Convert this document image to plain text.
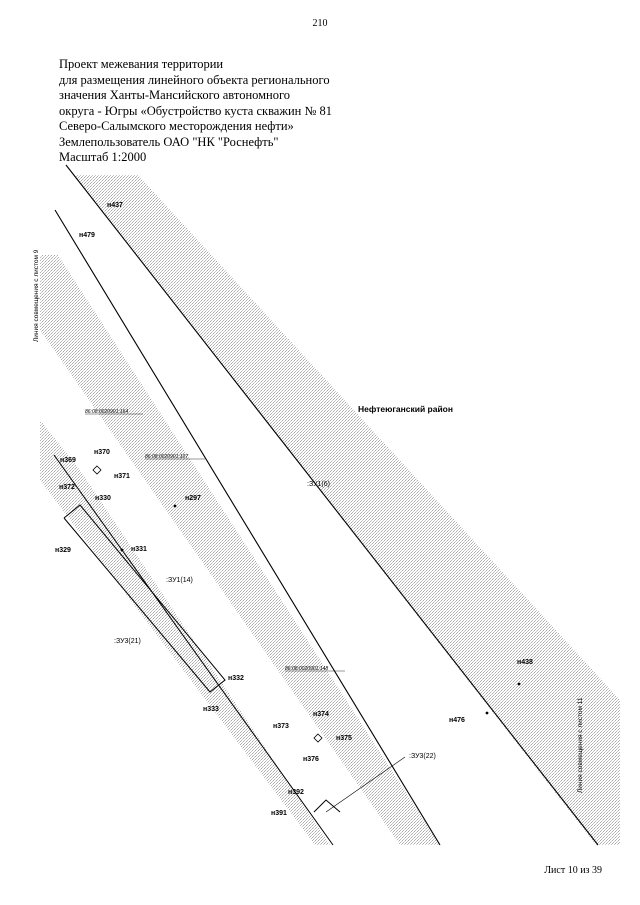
210
Проект межевания территории
для размещения линейного объекта регионального
значения Ханты-Мансийского автономного
округа - Югры «Обустройство куста скважин № 81
Северо-Салымского месторождения нефти»
Землепользователь ОАО "НК "Роснефть"
Масштаб 1:2000
86:08:0020901:164
86:08:0020901:107
86:08:0020901:148
:ЗУ1(6)
:ЗУ1(14)
:ЗУ3(21)
:ЗУ3(22)
Нефтеюганский район
н437
н479
н369
н370
н371
н372
н330
н329	н331
н297
н332
н333
н373
н374
н375
н376
н392
н391
н438
н476
Линия совмещения с листом 9
Линия совмещения с листом 11
Лист 10 из 39
